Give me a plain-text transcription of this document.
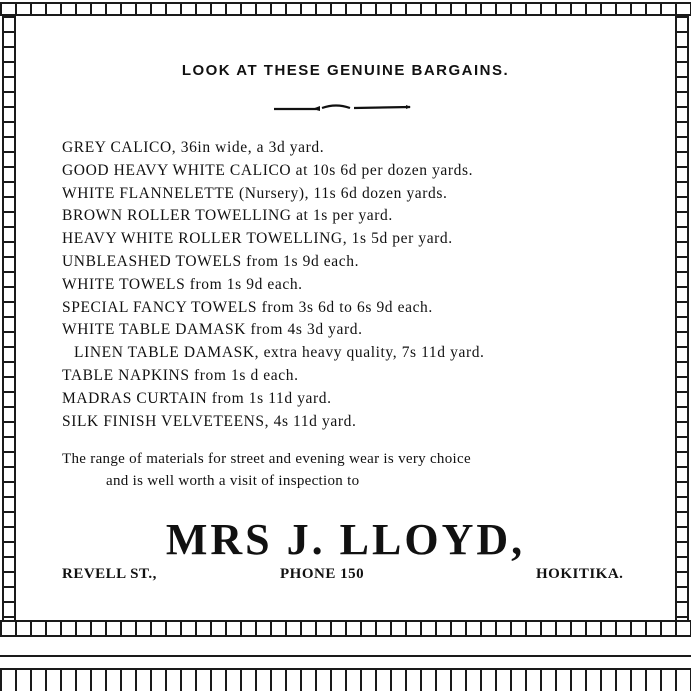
LOOK AT THESE GENUINE BARGAINS.
GREY CALICO, 36in wide, a 3d yard.
GOOD HEAVY WHITE CALICO at 10s 6d per dozen yards.
WHITE FLANNELETTE (Nursery), 11s 6d dozen yards.
BROWN ROLLER TOWELLING at 1s per yard.
HEAVY WHITE ROLLER TOWELLING, 1s 5d per yard.
UNBLEASHED TOWELS from 1s 9d each.
WHITE TOWELS from 1s 9d each.
SPECIAL FANCY TOWELS from 3s 6d to 6s 9d each.
WHITE TABLE DAMASK from 4s 3d yard.
LINEN TABLE DAMASK, extra heavy quality, 7s 11d yard.
TABLE NAPKINS from 1s d each.
MADRAS CURTAIN from 1s 11d yard.
SILK FINISH VELVETEENS, 4s 11d yard.
The range of materials for street and evening wear is very choice
and is well worth a visit of inspection to
MRS J. LLOYD,
REVELL ST.,	PHONE 150	HOKITIKA.
